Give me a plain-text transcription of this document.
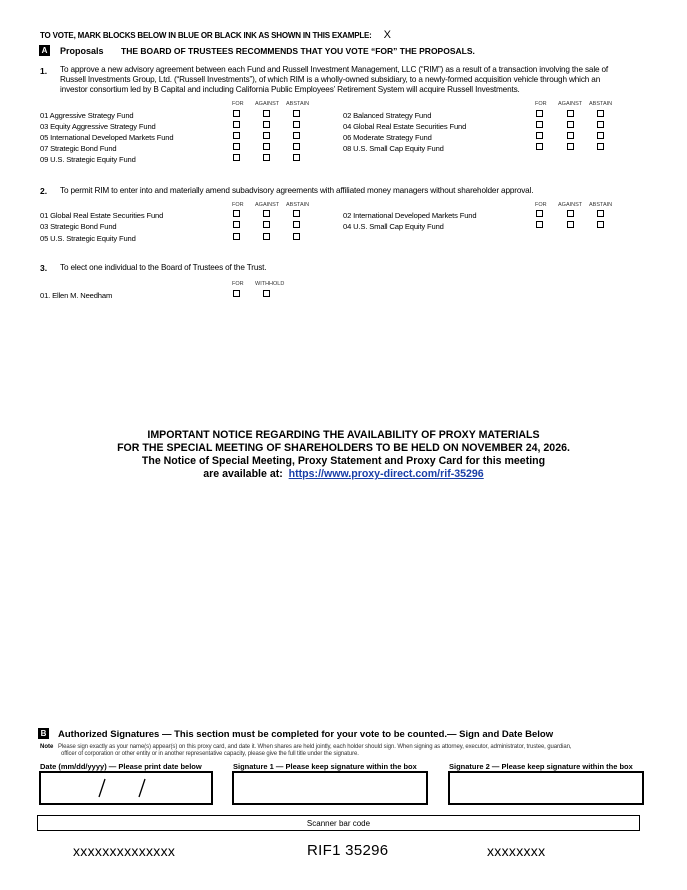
TO VOTE, MARK BLOCKS BELOW IN BLUE OR BLACK INK AS SHOWN IN THIS EXAMPLE: X
A Proposals THE BOARD OF TRUSTEES RECOMMENDS THAT YOU VOTE “FOR” THE PROPOSALS.
1. To approve a new advisory agreement between each Fund and Russell Investment Management, LLC (“RIM”) as a result of a transaction involving the sale of
Russell Investments Group, Ltd. (“Russell Investments”), of which RIM is a wholly-owned subsidiary, to a newly-formed acquisition vehicle through which an
investor consortium led by B Capital and including California Public Employees’ Retirement System will acquire Russell Investments.
FOR AGAINST ABSTAIN	FOR AGAINST ABSTAIN
01 Aggressive Strategy Fund
03 Equity Aggressive Strategy Fund
05 International Developed Markets Fund
07 Strategic Bond Fund
09 U.S. Strategic Equity Fund
02 Balanced Strategy Fund
04 Global Real Estate Securities Fund
06 Moderate Strategy Fund
08 U.S. Small Cap Equity Fund
2. To permit RIM to enter into and materially amend subadvisory agreements with affiliated money managers without shareholder approval.
FOR AGAINST ABSTAIN	FOR AGAINST ABSTAIN
01 Global Real Estate Securities Fund
03 Strategic Bond Fund
05 U.S. Strategic Equity Fund
02 International Developed Markets Fund
04 U.S. Small Cap Equity Fund
3. To elect one individual to the Board of Trustees of the Trust.
FOR WITHHOLD
01. Ellen M. Needham
IMPORTANT NOTICE REGARDING THE AVAILABILITY OF PROXY MATERIALS
FOR THE SPECIAL MEETING OF SHAREHOLDERS TO BE HELD ON NOVEMBER 24, 2026.
The Notice of Special Meeting, Proxy Statement and Proxy Card for this meeting
are available at: https://www.proxy-direct.com/rif-35296
B Authorized Signatures — This section must be completed for your vote to be counted.— Sign and Date Below
Note Please sign exactly as your name(s) appear(s) on this proxy card, and date it. When shares are held jointly, each holder should sign. When signing as attorney, executor, administrator, trustee, guardian,
officer of corporation or other entity or in another representative capacity, please give the full title under the signature.
Date (mm/dd/yyyy) — Please print date below	Signature 1 — Please keep signature within the box	Signature 2 — Please keep signature within the box
Scanner bar code
xxxxxxxxxxxxxx	RIF1 35296	xxxxxxxx
